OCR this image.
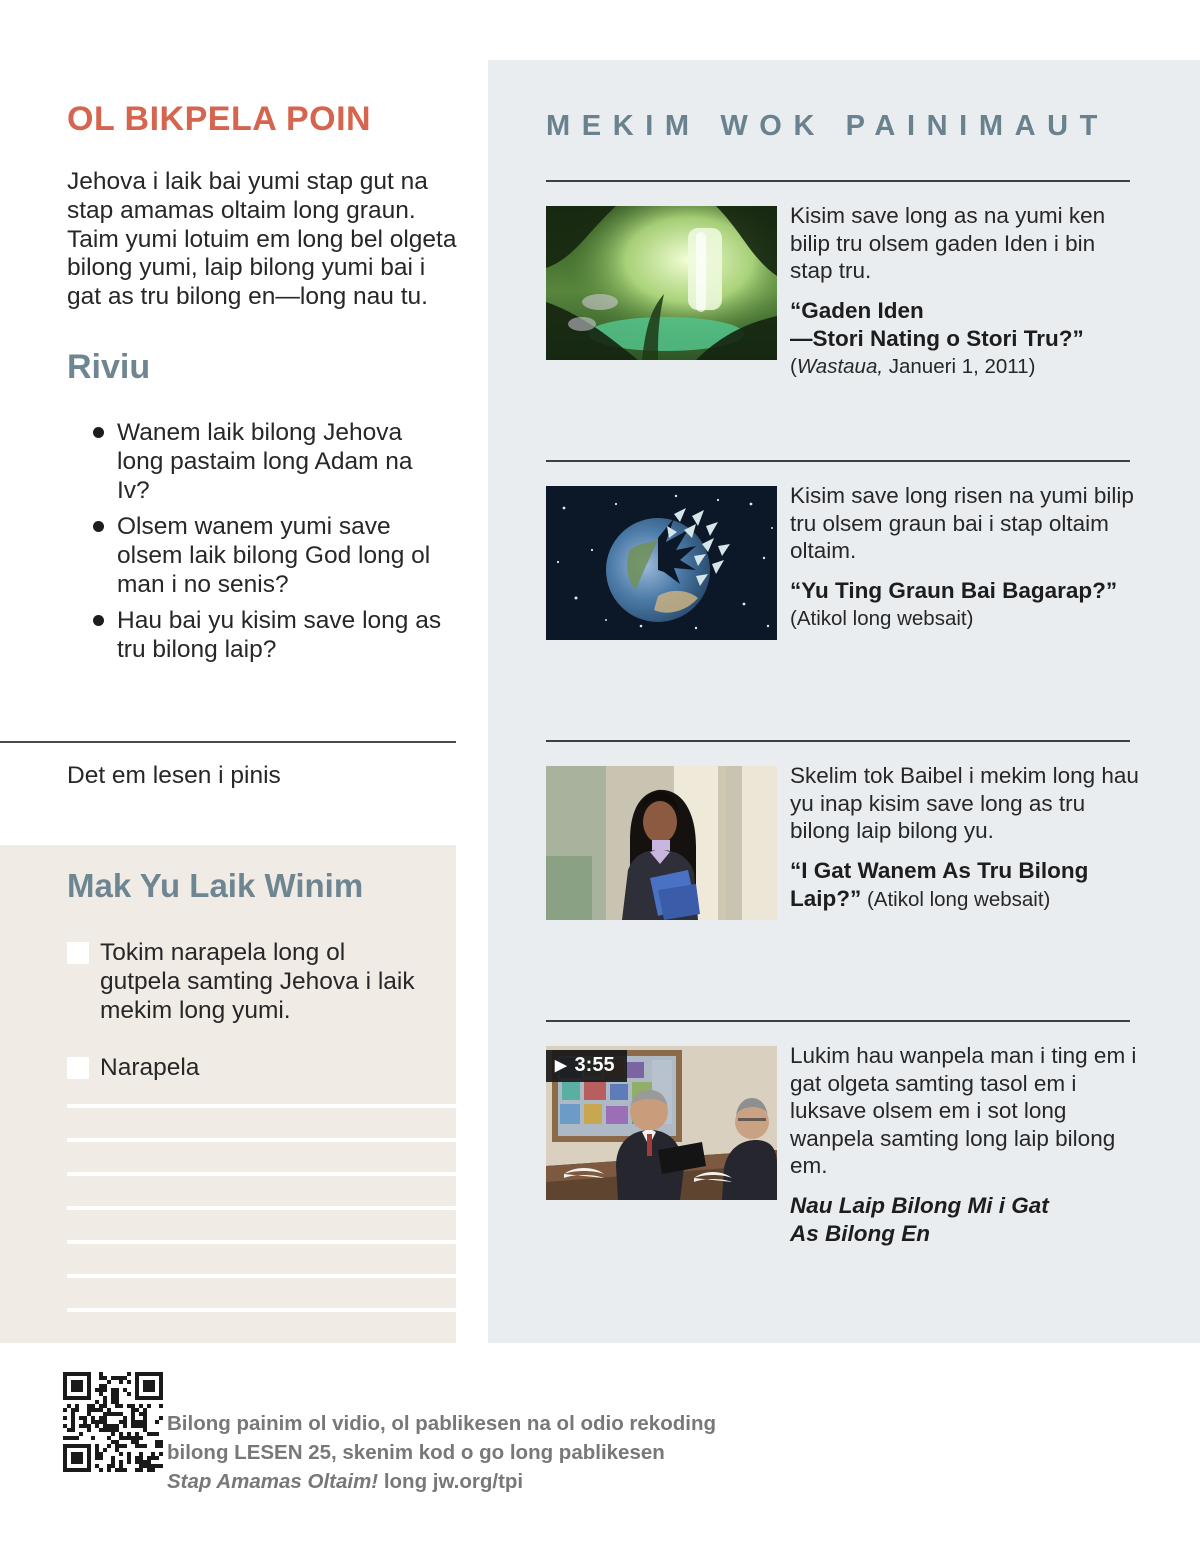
OL BIKPELA POIN
Jehova i laik bai yumi stap gut na stap amamas oltaim long graun. Taim yumi lotuim em long bel olgeta bilong yumi, laip bilong yumi bai i gat as tru bilong en—long nau tu.
Riviu
Wanem laik bilong Jehova long pastaim long Adam na Iv?
Olsem wanem yumi save olsem laik bilong God long ol man i no senis?
Hau bai yu kisim save long as tru bilong laip?
Det em lesen i pinis
Mak Yu Laik Winim
Tokim narapela long ol gutpela samting Jehova i laik mekim long yumi.
Narapela
MEKIM WOK PAINIMAUT
Kisim save long as na yumi ken bilip tru olsem gaden Iden i bin stap tru.
“Gaden Iden
—Stori Nating o Stori Tru?”
(Wastaua, Janueri 1, 2011)
Kisim save long risen na yumi bilip tru olsem graun bai i stap oltaim oltaim.
“Yu Ting Graun Bai Bagarap?”
(Atikol long websait)
Skelim tok Baibel i mekim long hau yu inap kisim save long as tru bilong laip bilong yu.
“I Gat Wanem As Tru Bilong Laip?” (Atikol long websait)
▶ 3:55	Lukim hau wanpela man i ting em i gat olgeta samting tasol em i luksave olsem em i sot long wanpela samting long laip bilong em.
Nau Laip Bilong Mi i Gat
As Bilong En
Bilong painim ol vidio, ol pablikesen na ol odio rekoding
bilong LESEN 25, skenim kod o go long pablikesen
Stap Amamas Oltaim! long jw.org/tpi
